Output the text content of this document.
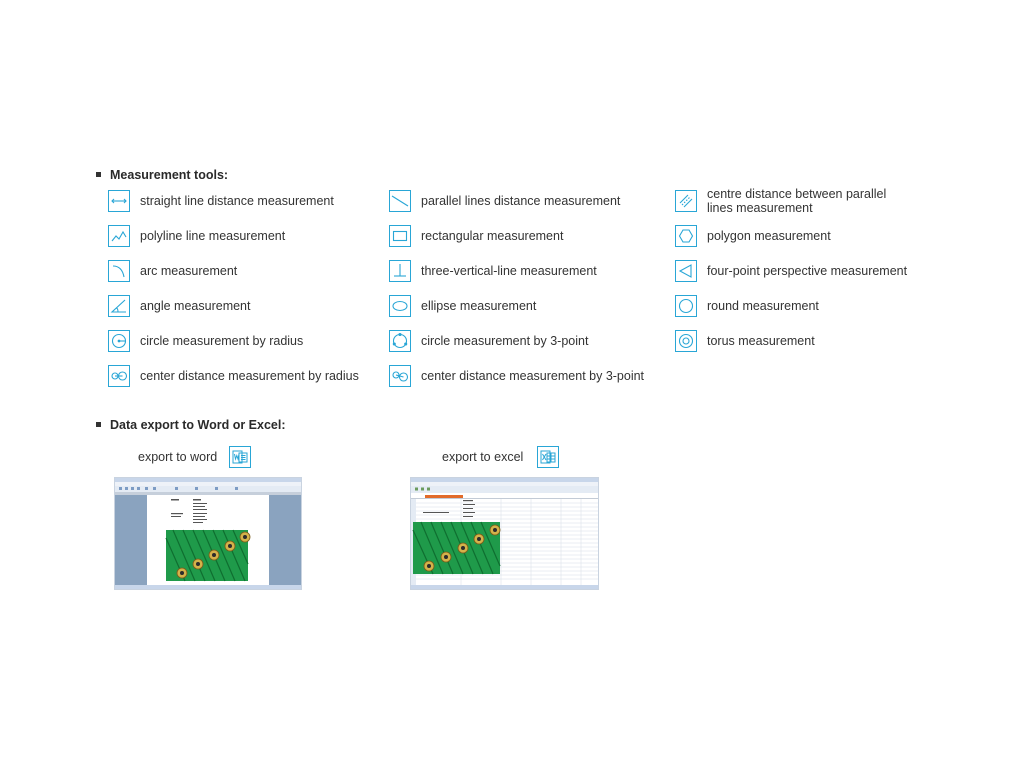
Measurement tools:
straight line distance measurement	parallel lines distance measurement	centre distance between parallel lines measurement
polyline line measurement	rectangular measurement	polygon measurement
arc measurement	three-vertical-line measurement	four-point perspective measurement
angle measurement	ellipse measurement	round measurement
circle measurement by radius	circle measurement by 3-point	torus measurement
center distance measurement by radius	center distance measurement by 3-point
Data export to Word or Excel:
export to word	export to excel
